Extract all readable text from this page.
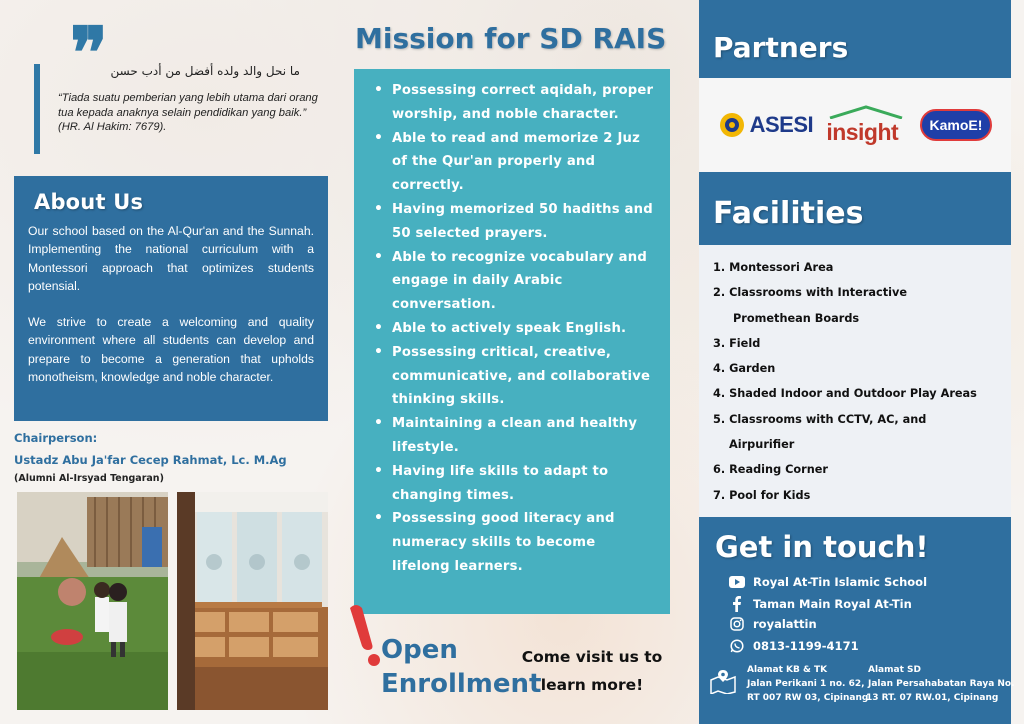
❞ ما نحل والد ولده أفضل من أدب حسن
“Tiada suatu pemberian yang lebih utama dari orang tua kepada anaknya selain pendidikan yang baik.”
(HR. Al Hakim: 7679).
About Us

Our school based on the Al-Qur'an and the Sunnah. Implementing the national curriculum with a Montessori approach that optimizes students potensial.

We strive to create a welcoming and quality environment where all students can develop and prepare to become a generation that upholds monotheism, knowledge and noble character.

Chairperson:
Ustadz Abu Ja'far Cecep Rahmat, Lc. M.Ag
(Alumni Al-Irsyad Tengaran)
Mission for SD RAIS
• Possessing correct aqidah, proper worship, and noble character.
• Able to read and memorize 2 Juz of the Qur'an properly and correctly.
• Having memorized 50 hadiths and 50 selected prayers.
• Able to recognize vocabulary and engage in daily Arabic conversation.
• Able to actively speak English.
• Possessing critical, creative, communicative, and collaborative thinking skills.
• Maintaining a clean and healthy lifestyle.
• Having life skills to adapt to changing times.
• Possessing good literacy and numeracy skills to become lifelong learners.
Open
Enrollment
Come visit us to
learn more!
Partners
ASESI insight	KamoE!
Facilities
1. Montessori Area
2. Classrooms with Interactive
Promethean Boards
3. Field
4. Garden
4. Shaded Indoor and Outdoor Play Areas
5. Classrooms with CCTV, AC, and
Airpurifier
6. Reading Corner
7. Pool for Kids
Get in touch!
Royal At-Tin Islamic School
Taman Main Royal At-Tin
royalattin
0813-1199-4171
Alamat KB & TK
Jalan Perikani 1 no. 62,
RT 007 RW 03, Cipinang
Alamat SD
Jalan Persahabatan Raya No.
13 RT. 07 RW.01, Cipinang
